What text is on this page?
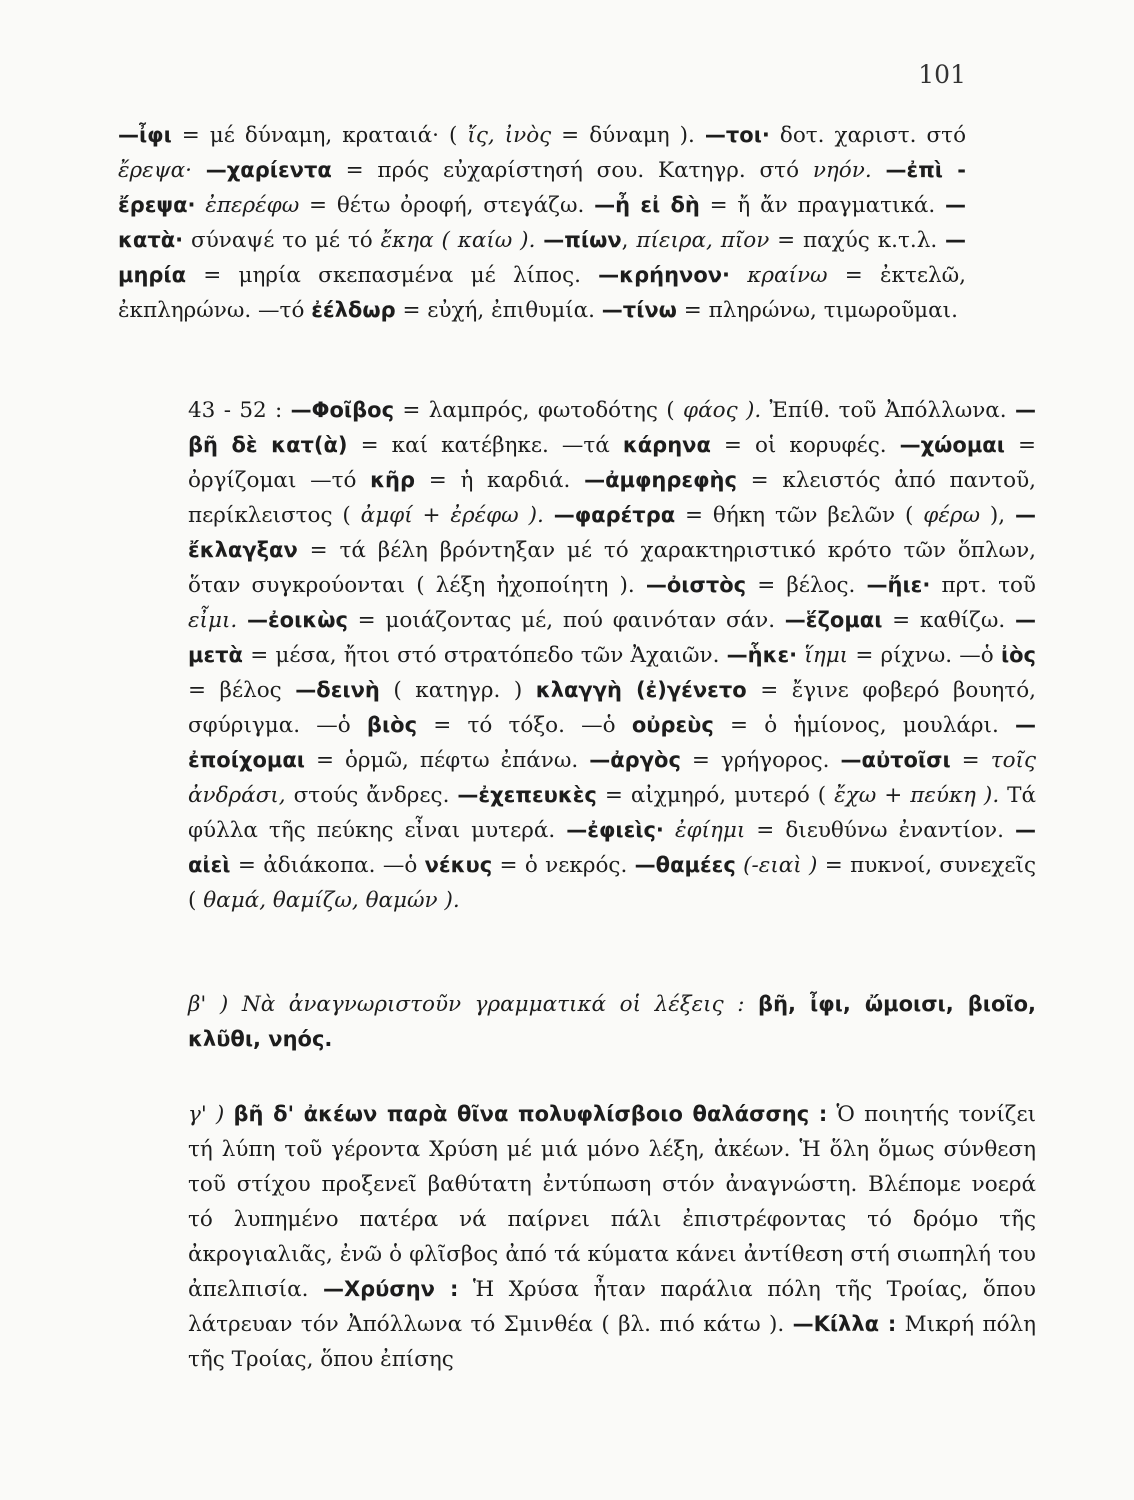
101

—ἶφι = μέ δύναμη, κραταιά· ( ἴς, ἰνὸς = δύναμη ). —τοι· δοτ. χαριστ. στό ἔρεψα· —χαρίεντα = πρός εὐχαρίστησή σου. Κατηγρ. στό νηόν. —ἐπὶ - ἔρεψα· ἐπερέφω = θέτω ὀροφή, στεγάζω. —ἦ εἰ δὴ = ἤ ἄν πραγματικά. —κατὰ· σύναψέ το μέ τό ἔκηα ( καίω ). —πίων, πίειρα, πῖον = παχύς κ.τ.λ. —μηρία = μηρία σκεπασμένα μέ λίπος. —κρήηνον· κραίνω = ἐκτελῶ, ἐκπληρώνω. —τό ἐέλδωρ = εὐχή, ἐπιθυμία. —τίνω = πληρώνω, τιμωροῦμαι.

43 - 52 : —Φοῖβος = λαμπρός, φωτοδότης ( φάος ). Ἐπίθ. τοῦ Ἀπόλλωνα. —βῆ δὲ κατ(ὰ) = καί κατέβηκε. —τά κάρηνα = οἱ κορυφές. —χώομαι = ὀργίζομαι —τό κῆρ = ἡ καρδιά. —ἀμφηρεφὴς = κλειστός ἀπό παντοῦ, περίκλειστος ( ἀμφί + ἐρέφω ). —φαρέτρα = θήκη τῶν βελῶν ( φέρω ), —ἔκλαγξαν = τά βέλη βρόντηξαν μέ τό χαρακτηριστικό κρότο τῶν ὅπλων, ὅταν συγκρούονται ( λέξη ἠχοποίητη ). —ὀιστὸς = βέλος. —ἤιε· πρτ. τοῦ εἶμι. —ἐοικὼς = μοιάζοντας μέ, πού φαινόταν σάν. —ἕζομαι = καθίζω. —μετὰ = μέσα, ἤτοι στό στρατόπεδο τῶν Ἀχαιῶν. —ἧκε· ἵημι = ρίχνω. —ὁ ἰὸς = βέλος —δεινὴ ( κατηγρ. ) κλαγγὴ (ἐ)γένετο = ἔγινε φοβερό βουητό, σφύριγμα. —ὁ βιὸς = τό τόξο. —ὁ οὐρεὺς = ὁ ἡμίονος, μουλάρι. —ἐποίχομαι = ὁρμῶ, πέφτω ἐπάνω. —ἀργὸς = γρήγορος. —αὐτοῖσι = τοῖς ἀνδράσι, στούς ἄνδρες. —ἐχεπευκὲς = αἰχμηρό, μυτερό ( ἔχω + πεύκη ). Τά φύλλα τῆς πεύκης εἶναι μυτερά. —ἐφιεὶς· ἐφίημι = διευθύνω ἐναντίον. —αἰεὶ = ἀδιάκοπα. —ὁ νέκυς = ὁ νεκρός. —θαμέες (-ειαὶ ) = πυκνοί, συνεχεῖς ( θαμά, θαμίζω, θαμών ).

β' ) Νὰ ἀναγνωριστοῦν γραμματικά οἱ λέξεις : βῆ, ἶφι, ὤμοισι, βιοῖο, κλῦθι, νηός.

γ' ) βῆ δ' ἀκέων παρὰ θῖνα πολυφλίσβοιο θαλάσσης : Ὁ ποιητής τονίζει τή λύπη τοῦ γέροντα Χρύση μέ μιά μόνο λέξη, ἀκέων. Ἡ ὅλη ὅμως σύνθεση τοῦ στίχου προξενεῖ βαθύτατη ἐντύπωση στόν ἀναγνώστη. Βλέπομε νοερά τό λυπημένο πατέρα νά παίρνει πάλι ἐπιστρέφοντας τό δρόμο τῆς ἀκρογιαλιᾶς, ἐνῶ ὁ φλῖσβος ἀπό τά κύματα κάνει ἀντίθεση στή σιωπηλή του ἀπελπισία. —Χρύσην : Ἡ Χρύσα ἦταν παράλια πόλη τῆς Τροίας, ὅπου λάτρευαν τόν Ἀπόλλωνα τό Σμινθέα ( βλ. πιό κάτω ). —Κίλλα : Μικρή πόλη τῆς Τροίας, ὅπου ἐπίσης
